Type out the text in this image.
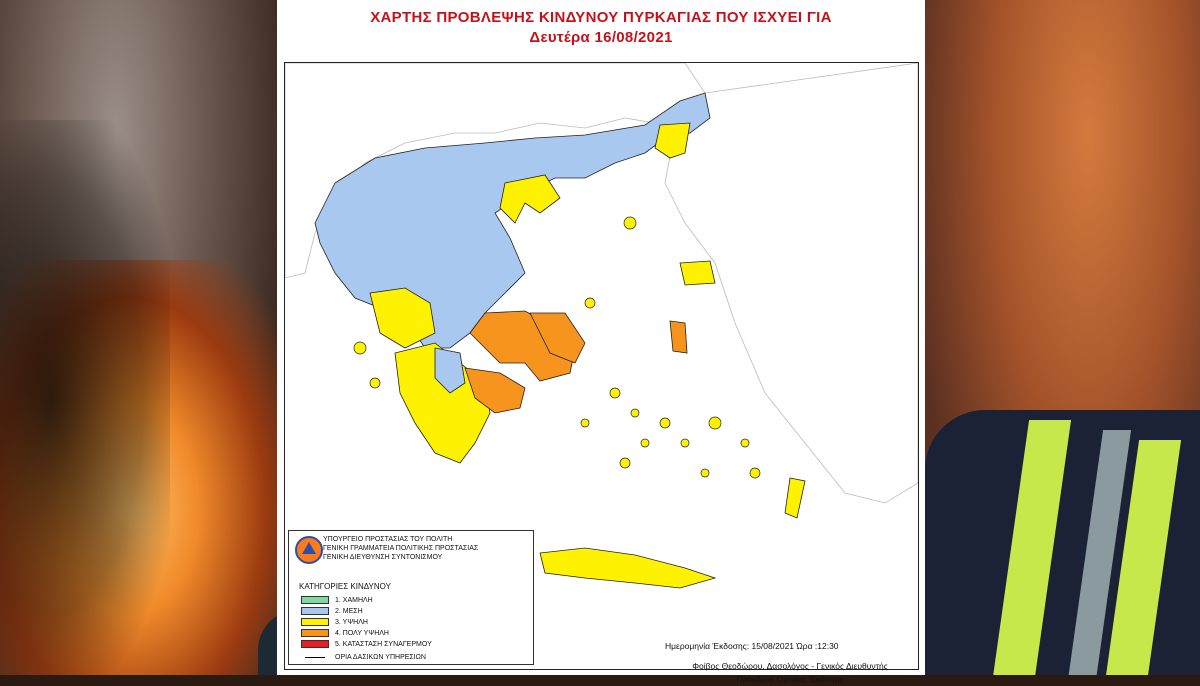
ΧΑΡΤΗΣ ΠΡΟΒΛΕΨΗΣ ΚΙΝΔΥΝΟΥ ΠΥΡΚΑΓΙΑΣ ΠΟΥ ΙΣΧΥΕΙ ΓΙΑ
Δευτέρα 16/08/2021
ΥΠΟΥΡΓΕΙΟ ΠΡΟΣΤΑΣΙΑΣ ΤΟΥ ΠΟΛΙΤΗ
ΓΕΝΙΚΗ ΓΡΑΜΜΑΤΕΙΑ ΠΟΛΙΤΙΚΗΣ ΠΡΟΣΤΑΣΙΑΣ
ΓΕΝΙΚΗ ΔΙΕΥΘΥΝΣΗ ΣΥΝΤΟΝΙΣΜΟΥ
ΚΑΤΗΓΟΡΙΕΣ ΚΙΝΔΥΝΟΥ
1. ΧΑΜΗΛΗ
2. ΜΕΣΗ
3. ΥΨΗΛΗ
4. ΠΟΛΥ ΥΨΗΛΗ
5. ΚΑΤΑΣΤΑΣΗ ΣΥΝΑΓΕΡΜΟΥ
ΟΡΙΑ ΔΑΣΙΚΩΝ ΥΠΗΡΕΣΙΩΝ
Ημερομηνία Έκδοσης: 15/08/2021 Ώρα :12:30
Φοίβος Θεοδώρου, Δασολόγος - Γενικός Διευθυντής
Πρόεδρος Ομάδας Έκδοσης
